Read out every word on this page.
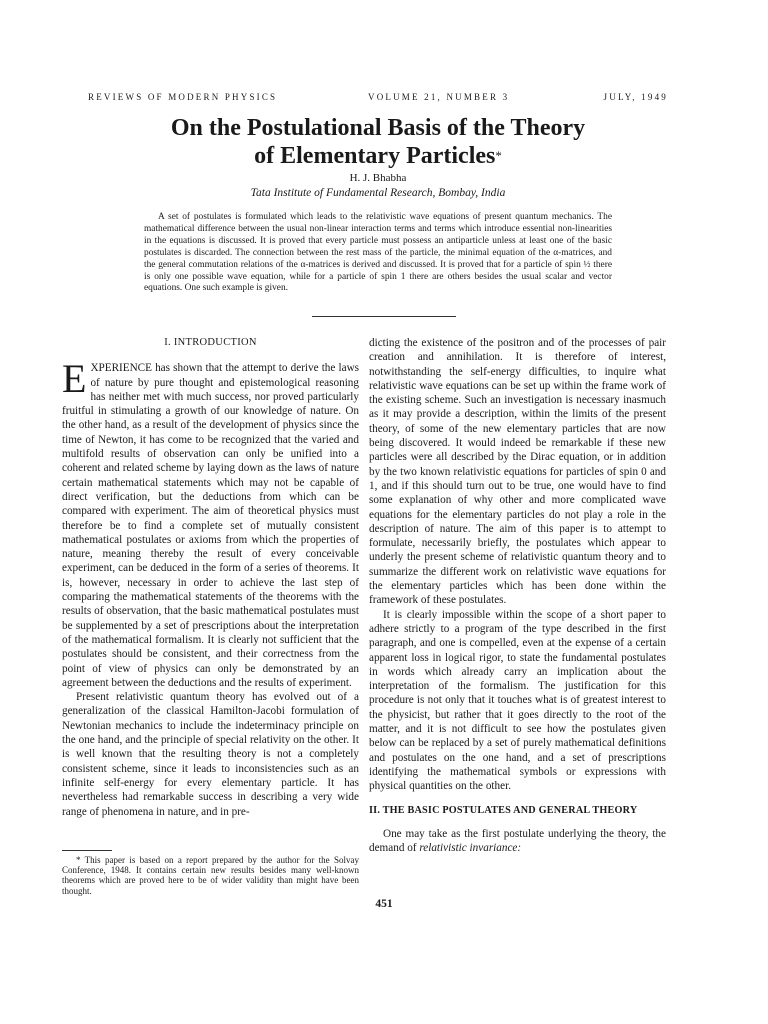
REVIEWS OF MODERN PHYSICS	VOLUME 21, NUMBER 3	JULY, 1949
On the Postulational Basis of the Theory
of Elementary Particles*
H. J. Bhabha
Tata Institute of Fundamental Research, Bombay, India

A set of postulates is formulated which leads to the relativistic wave equations of present quantum mechanics. The mathematical difference between the usual non-linear interaction terms and terms which introduce essential non-linearities in the equations is discussed. It is proved that every particle must possess an antiparticle unless at least one of the basic postulates is discarded. The connection between the rest mass of the particle, the minimal equation of the α-matrices, and the general commutation relations of the α-matrices is derived and discussed. It is proved that for a particle of spin ½ there is only one possible wave equation, while for a particle of spin 1 there are others besides the usual scalar and vector equations. One such example is given.

I. INTRODUCTION

EXPERIENCE has shown that the attempt to derive the laws of nature by pure thought and epistemological reasoning has neither met with much success, nor proved particularly fruitful in stimulating a growth of our knowledge of nature. On the other hand, as a result of the development of physics since the time of Newton, it has come to be recognized that the varied and multifold results of observation can only be unified into a coherent and related scheme by laying down as the laws of nature certain mathematical statements which may not be capable of direct verification, but the deductions from which can be compared with experiment. The aim of theoretical physics must therefore be to find a complete set of mutually consistent mathematical postulates or axioms from which the properties of nature, meaning thereby the result of every conceivable experiment, can be deduced in the form of a series of theorems. It is, however, necessary in order to achieve the last step of comparing the mathematical statements of the theorems with the results of observation, that the basic mathematical postulates must be supplemented by a set of prescriptions about the interpretation of the mathematical formalism. It is clearly not sufficient that the postulates should be consistent, and their correctness from the point of view of physics can only be demonstrated by an agreement between the deductions and the results of experiment.

Present relativistic quantum theory has evolved out of a generalization of the classical Hamilton-Jacobi formulation of Newtonian mechanics to include the indeterminacy principle on the one hand, and the principle of special relativity on the other. It is well known that the resulting theory is not a completely consistent scheme, since it leads to inconsistencies such as an infinite self-energy for every elementary particle. It has nevertheless had remarkable success in describing a very wide range of phenomena in nature, and in pre-

* This paper is based on a report prepared by the author for the Solvay Conference, 1948. It contains certain new results besides many well-known theorems which are proved here to be of wider validity than might have been thought.

dicting the existence of the positron and of the processes of pair creation and annihilation. It is therefore of interest, notwithstanding the self-energy difficulties, to inquire what relativistic wave equations can be set up within the frame work of the existing scheme. Such an investigation is necessary inasmuch as it may provide a description, within the limits of the present theory, of some of the new elementary particles that are now being discovered. It would indeed be remarkable if these new particles were all described by the Dirac equation, or in addition by the two known relativistic equations for particles of spin 0 and 1, and if this should turn out to be true, one would have to find some explanation of why other and more complicated wave equations for the elementary particles do not play a role in the description of nature. The aim of this paper is to attempt to formulate, necessarily briefly, the postulates which appear to underly the present scheme of relativistic quantum theory and to summarize the different work on relativistic wave equations for the elementary particles which has been done within the framework of these postulates.

It is clearly impossible within the scope of a short paper to adhere strictly to a program of the type described in the first paragraph, and one is compelled, even at the expense of a certain apparent loss in logical rigor, to state the fundamental postulates in words which already carry an implication about the interpretation of the formalism. The justification for this procedure is not only that it touches what is of greatest interest to the physicist, but rather that it goes directly to the root of the matter, and it is not difficult to see how the postulates given below can be replaced by a set of purely mathematical definitions and postulates on the one hand, and a set of prescriptions identifying the mathematical symbols or expressions with physical quantities on the other.

II. THE BASIC POSTULATES AND GENERAL THEORY

One may take as the first postulate underlying the theory, the demand of relativistic invariance:

451
